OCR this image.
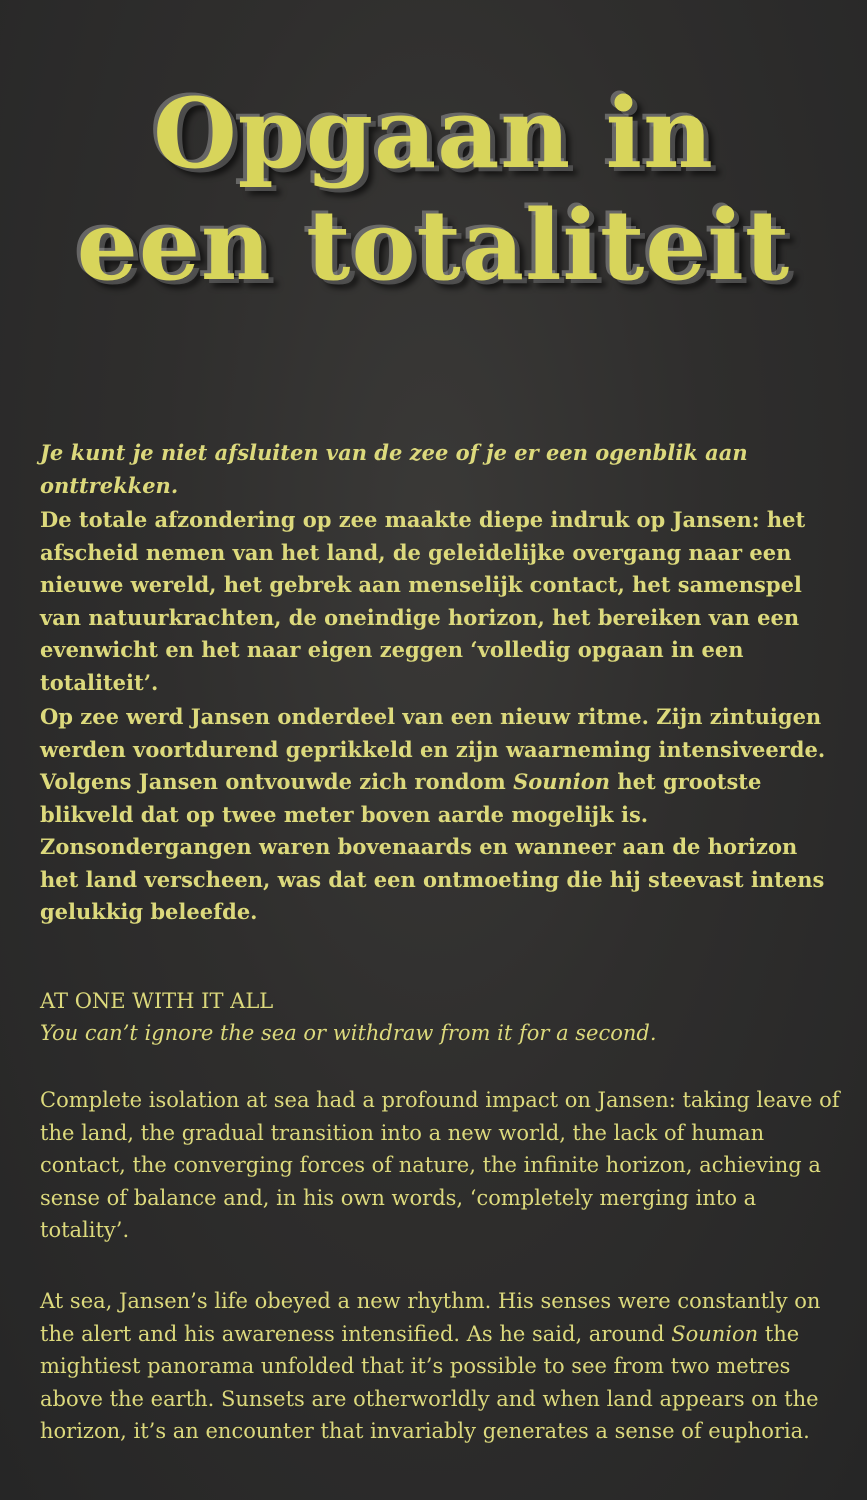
Opgaan in
een totaliteit

Je kunt je niet afsluiten van de zee of je er een ogenblik aan onttrekken.

De totale afzondering op zee maakte diepe indruk op Jansen: het afscheid nemen van het land, de geleidelijke overgang naar een nieuwe wereld, het gebrek aan menselijk contact, het samenspel van natuurkrachten, de oneindige horizon, het bereiken van een evenwicht en het naar eigen zeggen ‘volledig opgaan in een totaliteit’.

Op zee werd Jansen onderdeel van een nieuw ritme. Zijn zintuigen werden voortdurend geprikkeld en zijn waarneming intensiveerde. Volgens Jansen ontvouwde zich rondom Sounion het grootste blikveld dat op twee meter boven aarde mogelijk is. Zonsondergangen waren bovenaards en wanneer aan de horizon het land verscheen, was dat een ontmoeting die hij steevast intens gelukkig beleefde.

AT ONE WITH IT ALL

You can’t ignore the sea or withdraw from it for a second.

Complete isolation at sea had a profound impact on Jansen: taking leave of the land, the gradual transition into a new world, the lack of human contact, the converging forces of nature, the infinite horizon, achieving a sense of balance and, in his own words, ‘completely merging into a totality’.

At sea, Jansen’s life obeyed a new rhythm. His senses were constantly on the alert and his awareness intensified. As he said, around Sounion the mightiest panorama unfolded that it’s possible to see from two metres above the earth. Sunsets are otherworldly and when land appears on the horizon, it’s an encounter that invariably generates a sense of euphoria.
